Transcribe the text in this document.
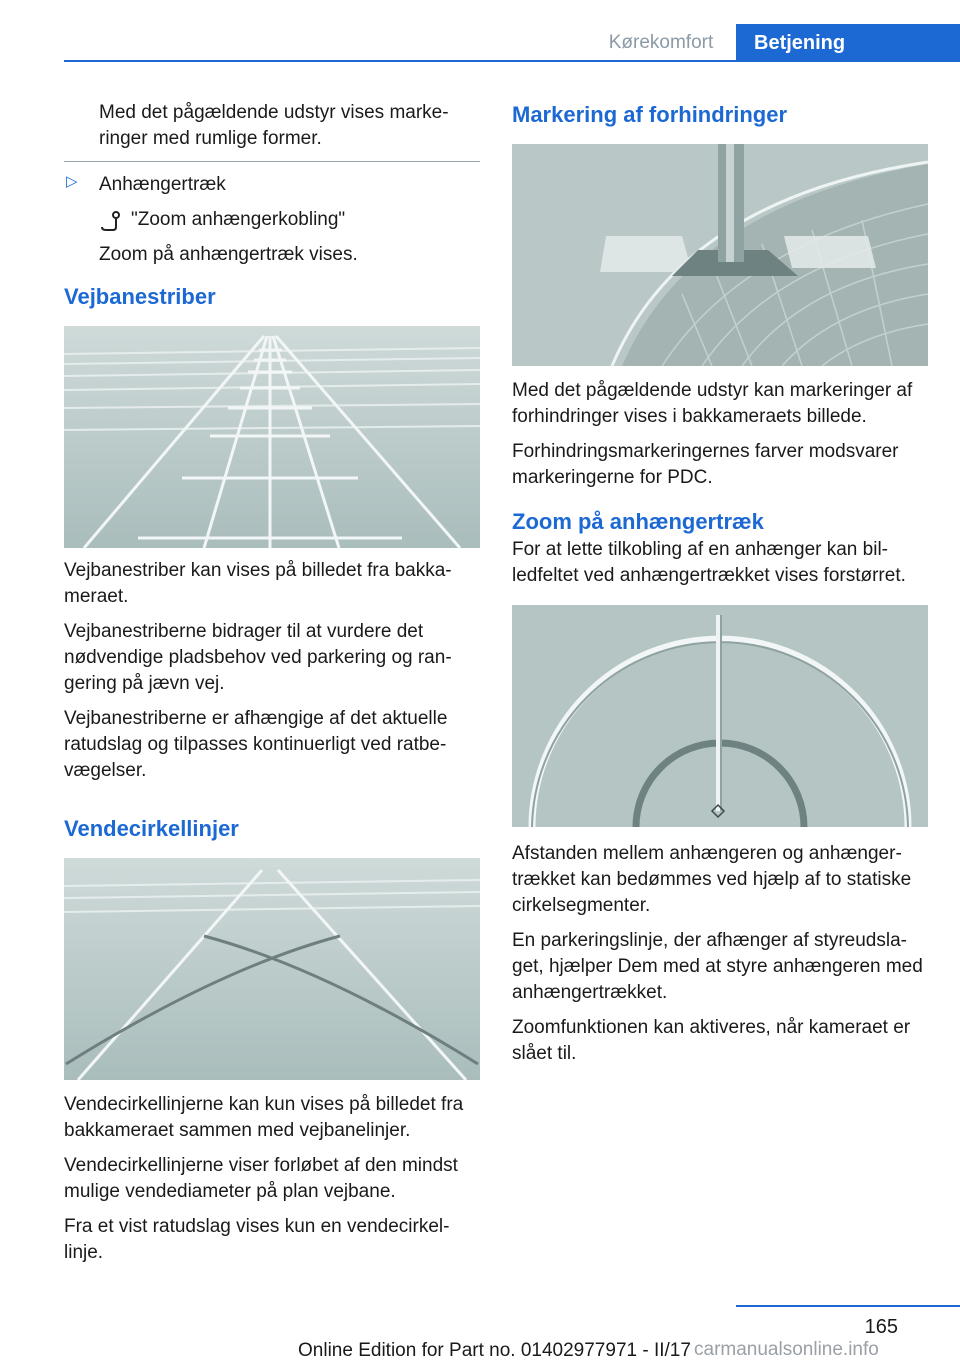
Kørekomfort	Betjening

Med det pågældende udstyr vises markeringer med rumlige former.

▷ Anhængertræk

"Zoom anhængerkobling"

Zoom på anhængertræk vises.

Vejbanestriber

Vejbanestriber kan vises på billedet fra bakkameraet.

Vejbanestriberne bidrager til at vurdere det nødvendige pladsbehov ved parkering og rangering på jævn vej.

Vejbanestriberne er afhængige af det aktuelle ratudslag og tilpasses kontinuerligt ved ratbevægelser.

Vendecirkellinjer

Vendecirkellinjerne kan kun vises på billedet fra bakkameraet sammen med vejbanelinjer.

Vendecirkellinjerne viser forløbet af den mindst mulige vendediameter på plan vejbane.

Fra et vist ratudslag vises kun en vendecirkellinje.

Markering af forhindringer

Med det pågældende udstyr kan markeringer af forhindringer vises i bakkameraets billede.

Forhindringsmarkeringernes farver modsvarer markeringerne for PDC.

Zoom på anhængertræk

For at lette tilkobling af en anhænger kan billedfeltet ved anhængertrækket vises forstørret.

Afstanden mellem anhængeren og anhængertrækket kan bedømmes ved hjælp af to statiske cirkelsegmenter.

En parkeringslinje, der afhænger af styreudslaget, hjælper Dem med at styre anhængeren med anhængertrækket.

Zoomfunktionen kan aktiveres, når kameraet er slået til.

165
Online Edition for Part no. 01402977971 - II/17 carmanualsonline.info
